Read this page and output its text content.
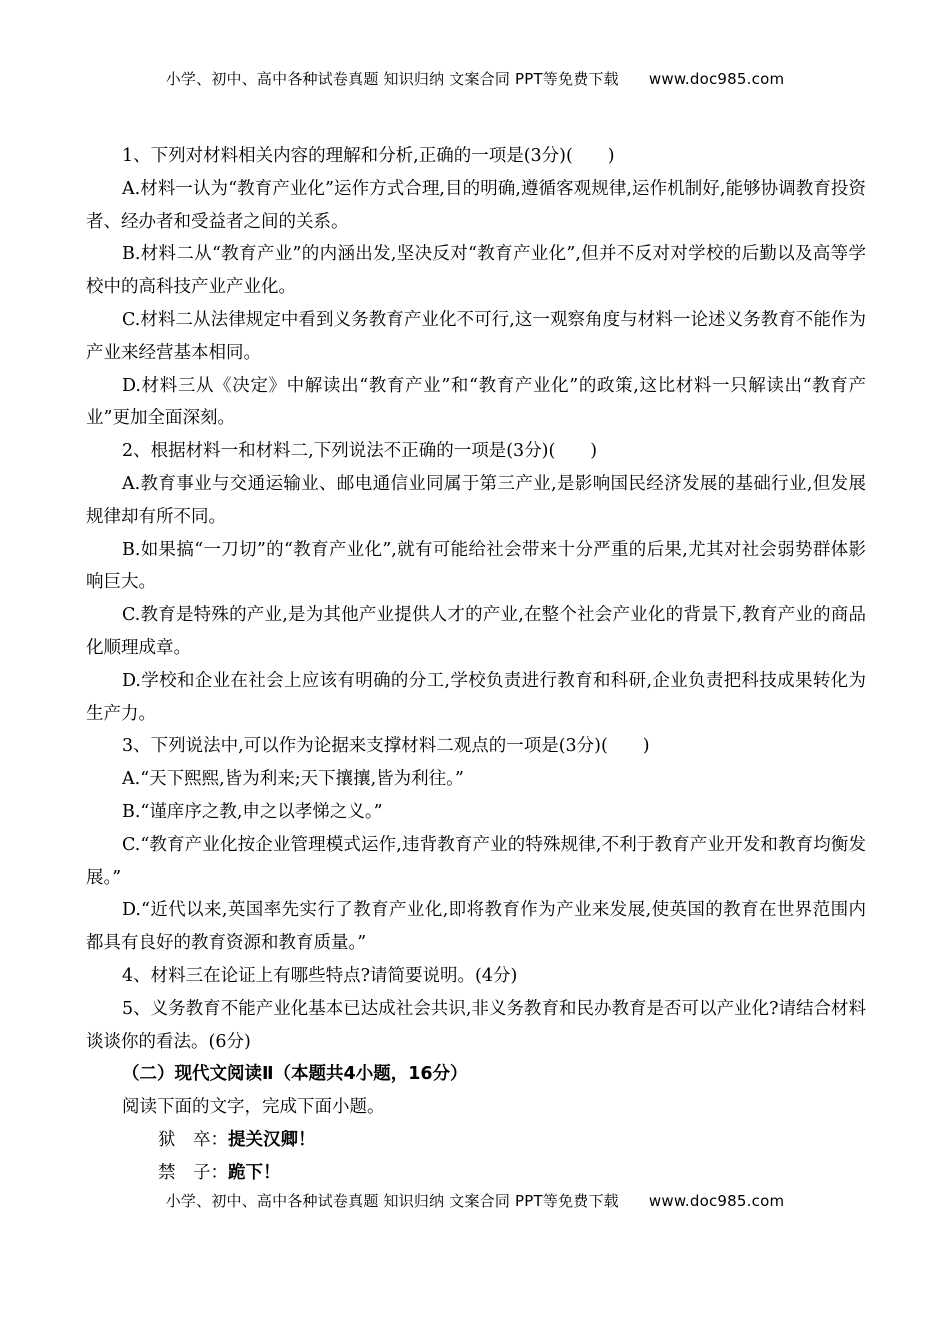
小学、初中、高中各种试卷真题 知识归纳 文案合同 PPT等免费下载 www.doc985.com

1、下列对材料相关内容的理解和分析,正确的一项是(3分)(　　)

A.材料一认为“教育产业化”运作方式合理,目的明确,遵循客观规律,运作机制好,能够协调教育投资者、经办者和受益者之间的关系。

B.材料二从“教育产业”的内涵出发,坚决反对“教育产业化”,但并不反对对学校的后勤以及高等学校中的高科技产业产业化。

C.材料二从法律规定中看到义务教育产业化不可行,这一观察角度与材料一论述义务教育不能作为产业来经营基本相同。

D.材料三从《决定》中解读出“教育产业”和“教育产业化”的政策,这比材料一只解读出“教育产业”更加全面深刻。

2、根据材料一和材料二,下列说法不正确的一项是(3分)(　　)

A.教育事业与交通运输业、邮电通信业同属于第三产业,是影响国民经济发展的基础行业,但发展规律却有所不同。

B.如果搞“一刀切”的“教育产业化”,就有可能给社会带来十分严重的后果,尤其对社会弱势群体影响巨大。

C.教育是特殊的产业,是为其他产业提供人才的产业,在整个社会产业化的背景下,教育产业的商品化顺理成章。

D.学校和企业在社会上应该有明确的分工,学校负责进行教育和科研,企业负责把科技成果转化为生产力。

3、下列说法中,可以作为论据来支撑材料二观点的一项是(3分)(　　)

A.“天下熙熙,皆为利来;天下攘攘,皆为利往。”

B.“谨庠序之教,申之以孝悌之义。”

C.“教育产业化按企业管理模式运作,违背教育产业的特殊规律,不利于教育产业开发和教育均衡发展。”

D.“近代以来,英国率先实行了教育产业化,即将教育作为产业来发展,使英国的教育在世界范围内都具有良好的教育资源和教育质量。”

4、材料三在论证上有哪些特点?请简要说明。(4分)

5、义务教育不能产业化基本已达成社会共识,非义务教育和民办教育是否可以产业化?请结合材料谈谈你的看法。(6分)

（二）现代文阅读Ⅱ（本题共4小题，16分）

阅读下面的文字，完成下面小题。

狱　卒：提关汉卿！

禁　子：跪下！

小学、初中、高中各种试卷真题 知识归纳 文案合同 PPT等免费下载 www.doc985.com
